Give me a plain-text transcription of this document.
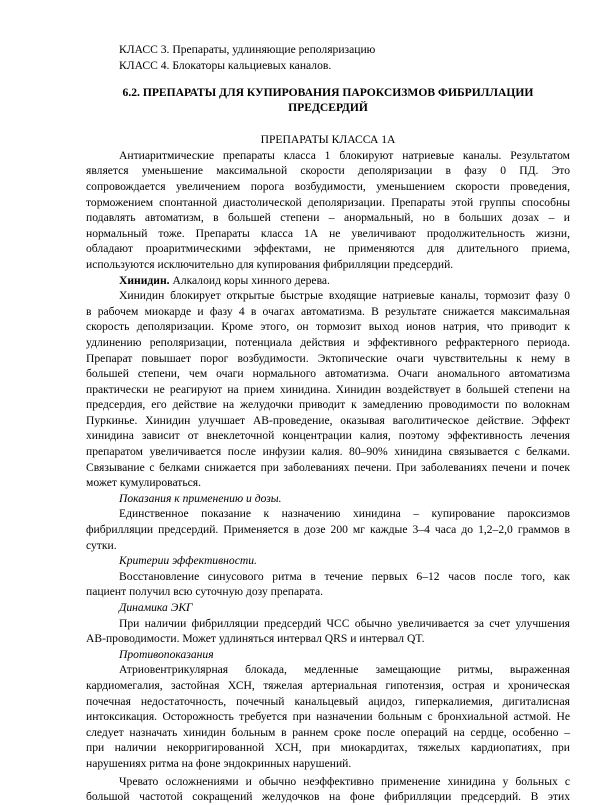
КЛАСС 3. Препараты, удлиняющие реполяризацию

КЛАСС 4. Блокаторы кальциевых каналов.

6.2. ПРЕПАРАТЫ ДЛЯ КУПИРОВАНИЯ ПАРОКСИЗМОВ ФИБРИЛЛАЦИИ

ПРЕДСЕРДИЙ

ПРЕПАРАТЫ КЛАССА 1А

Антиаритмические препараты класса 1 блокируют натриевые каналы. Результатом
является уменьшение максимальной скорости деполяризации в фазу 0 ПД. Это
сопровождается увеличением порога возбудимости, уменьшением скорости проведения,
торможением спонтанной диастолической деполяризации. Препараты этой группы способны
подавлять автоматизм, в большей степени – анормальный, но в больших дозах – и
нормальный тоже. Препараты класса 1А не увеличивают продолжительность жизни,
обладают проаритмическими эффектами, не применяются для длительного приема,
используются исключительно для купирования фибрилляции предсердий.

Хинидин. Алкалоид коры хинного дерева.

Хинидин блокирует открытые быстрые входящие натриевые каналы, тормозит фазу 0
в рабочем миокарде и фазу 4 в очагах автоматизма. В результате снижается максимальная
скорость деполяризации. Кроме этого, он тормозит выход ионов натрия, что приводит к
удлинению реполяризации, потенциала действия и эффективного рефрактерного периода.
Препарат повышает порог возбудимости. Эктопические очаги чувствительны к нему в
большей степени, чем очаги нормального автоматизма. Очаги аномального автоматизма
практически не реагируют на прием хинидина. Хинидин воздействует в большей степени на
предсердия, его действие на желудочки приводит к замедлению проводимости по волокнам
Пуркинье. Хинидин улучшает АВ-проведение, оказывая ваголитическое действие. Эффект
хинидина зависит от внеклеточной концентрации калия, поэтому эффективность лечения
препаратом увеличивается после инфузии калия. 80–90% хинидина связывается с белками.
Связывание с белками снижается при заболеваниях печени. При заболеваниях печени и почек
может кумулироваться.

Показания к применению и дозы.

Единственное показание к назначению хинидина – купирование пароксизмов
фибрилляции предсердий. Применяется в дозе 200 мг каждые 3–4 часа до 1,2–2,0 граммов в
сутки.

Критерии эффективности.

Восстановление синусового ритма в течение первых 6–12 часов после того, как
пациент получил всю суточную дозу препарата.

Динамика ЭКГ

При наличии фибрилляции предсердий ЧСС обычно увеличивается за счет улучшения
АВ-проводимости. Может удлиняться интервал QRS и интервал QT.

Противопоказания

Атриовентрикулярная блокада, медленные замещающие ритмы, выраженная
кардиомегалия, застойная ХСН, тяжелая артериальная гипотензия, острая и хроническая
почечная недостаточность, почечный канальцевый ацидоз, гиперкалиемия, дигиталисная
интоксикация. Осторожность требуется при назначении больным с бронхиальной астмой. Не
следует назначать хинидин больным в раннем сроке после операций на сердце, особенно –
при наличии некорригированной ХСН, при миокардитах, тяжелых кардиопатиях, при
нарушениях ритма на фоне эндокринных нарушений.
Чревато осложнениями и обычно неэффективно применение хинидина у больных с
большой частотой сокращений желудочков на фоне фибрилляции предсердий. В этих
